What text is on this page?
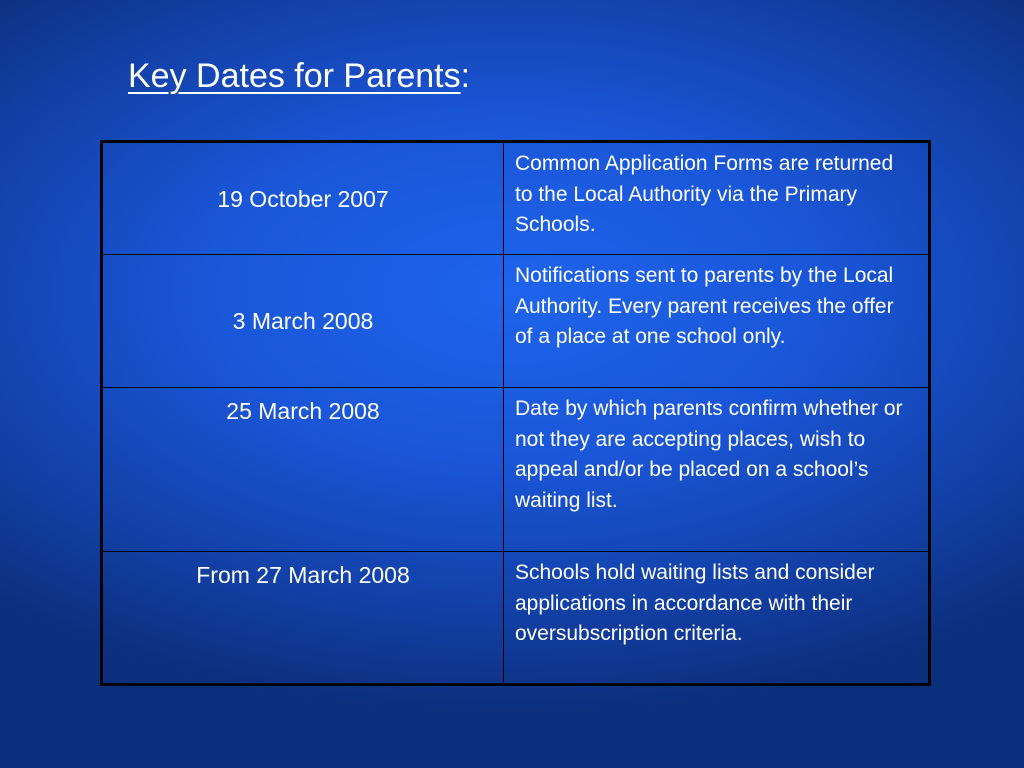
Key Dates for Parents:
19 October 2007	Common Application Forms are returned to the Local Authority via the Primary Schools.
3 March 2008	Notifications sent to parents by the Local Authority. Every parent receives the offer of a place at one school only.
25 March 2008	Date by which parents confirm whether or not they are accepting places, wish to appeal and/or be placed on a school’s waiting list.
From 27 March 2008	Schools hold waiting lists and consider applications in accordance with their oversubscription criteria.
